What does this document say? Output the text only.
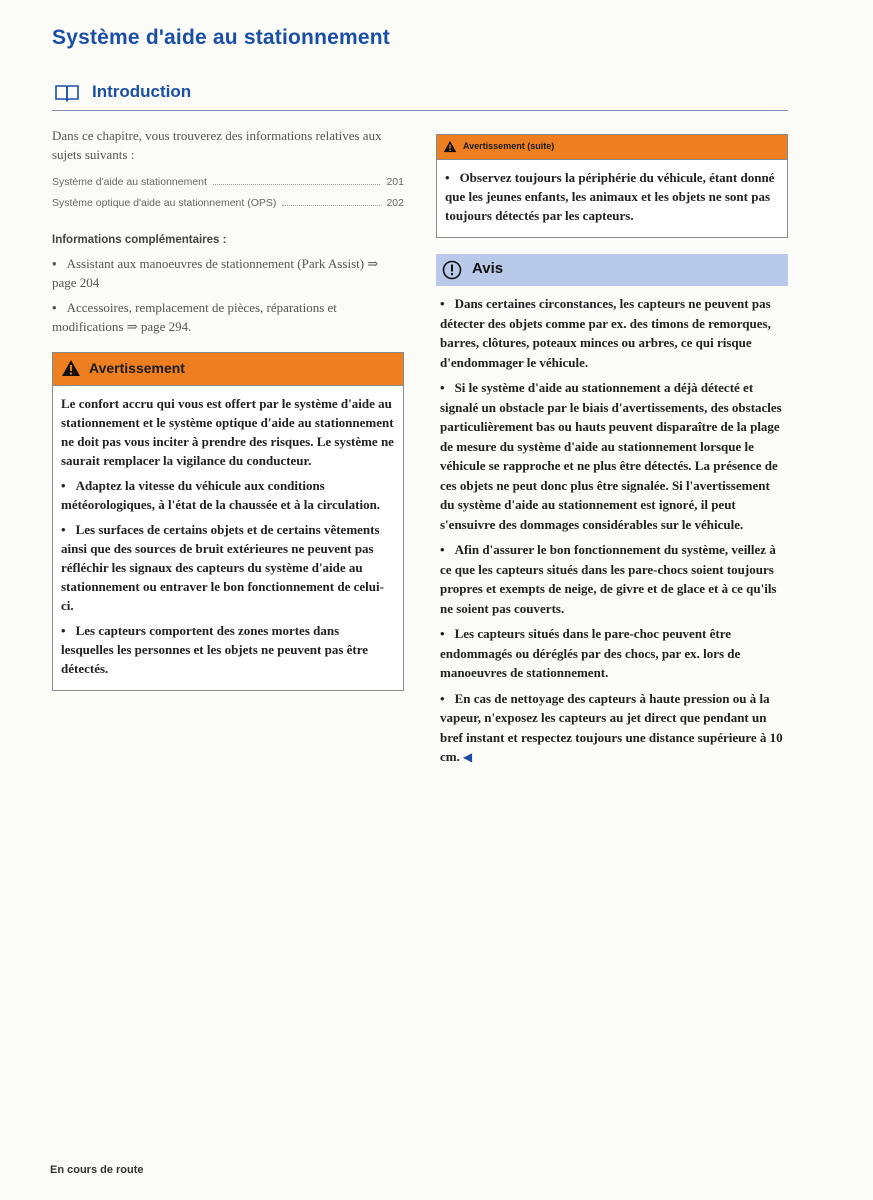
Système d'aide au stationnement
Introduction

Dans ce chapitre, vous trouverez des informations relatives aux sujets suivants :

Système d'aide au stationnement	201
Système optique d'aide au stationnement (OPS)	202
Informations complémentaires :

• Assistant aux manoeuvres de stationnement (Park Assist) ⇒ page 204

• Accessoires, remplacement de pièces, réparations et modifications ⇒ page 294.

Avertissement

Le confort accru qui vous est offert par le système d'aide au stationnement et le système optique d'aide au stationnement ne doit pas vous inciter à prendre des risques. Le système ne saurait remplacer la vigilance du conducteur.

• Adaptez la vitesse du véhicule aux conditions météorologiques, à l'état de la chaussée et à la circulation.

• Les surfaces de certains objets et de certains vêtements ainsi que des sources de bruit extérieures ne peuvent pas réfléchir les signaux des capteurs du système d'aide au stationnement ou entraver le bon fonctionnement de celui-ci.

• Les capteurs comportent des zones mortes dans lesquelles les personnes et les objets ne peuvent pas être détectés.

Avertissement (suite)

• Observez toujours la périphérie du véhicule, étant donné que les jeunes enfants, les animaux et les objets ne sont pas toujours détectés par les capteurs.

Avis

• Dans certaines circonstances, les capteurs ne peuvent pas détecter des objets comme par ex. des timons de remorques, barres, clôtures, poteaux minces ou arbres, ce qui risque d'endommager le véhicule.

• Si le système d'aide au stationnement a déjà détecté et signalé un obstacle par le biais d'avertissements, des obstacles particulièrement bas ou hauts peuvent disparaître de la plage de mesure du système d'aide au stationnement lorsque le véhicule se rapproche et ne plus être détectés. La présence de ces objets ne peut donc plus être signalée. Si l'avertissement du système d'aide au stationnement est ignoré, il peut s'ensuivre des dommages considérables sur le véhicule.

• Afin d'assurer le bon fonctionnement du système, veillez à ce que les capteurs situés dans les pare-chocs soient toujours propres et exempts de neige, de givre et de glace et à ce qu'ils ne soient pas couverts.

• Les capteurs situés dans le pare-choc peuvent être endommagés ou déréglés par des chocs, par ex. lors de manoeuvres de stationnement.

• En cas de nettoyage des capteurs à haute pression ou à la vapeur, n'exposez les capteurs au jet direct que pendant un bref instant et respectez toujours une distance supérieure à 10 cm. ◀

En cours de route
